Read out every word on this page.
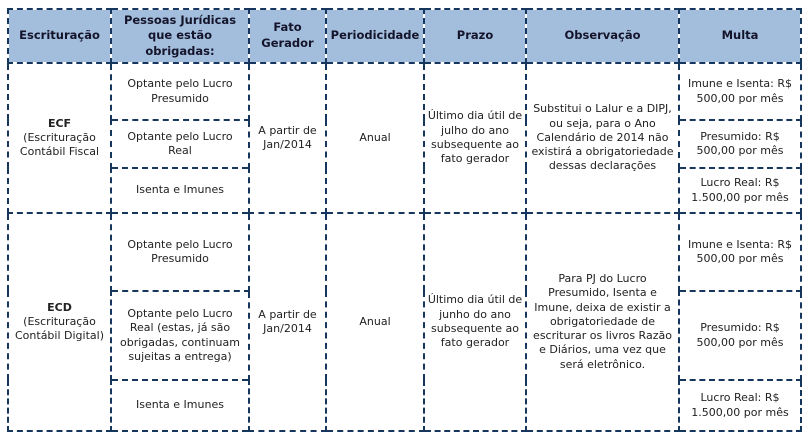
Escrituração	Pessoas Jurídicas que estão obrigadas:	Fato Gerador	Periodicidade	Prazo	Observação	Multa
ECF (Escrituração Contábil Fiscal	Optante pelo Lucro Presumido	A partir de Jan/2014	Anual	Último dia útil de julho do ano subsequente ao fato gerador	Substitui o Lalur e a DIPJ, ou seja, para o Ano Calendário de 2014 não existirá a obrigatoriedade dessas declarações	Imune e Isenta: R$ 500,00 por mês
	Optante pelo Lucro Real					Presumido: R$ 500,00 por mês
	Isenta e Imunes					Lucro Real: R$ 1.500,00 por mês
ECD (Escrituração Contábil Digital)	Optante pelo Lucro Presumido	A partir de Jan/2014	Anual	Último dia útil de junho do ano subsequente ao fato gerador	Para PJ do Lucro Presumido, Isenta e Imune, deixa de existir a obrigatoriedade de escriturar os livros Razão e Diários, uma vez que será eletrônico.	Imune e Isenta: R$ 500,00 por mês
	Optante pelo Lucro Real (estas, já são obrigadas, continuam sujeitas a entrega)					Presumido: R$ 500,00 por mês
	Isenta e Imunes					Lucro Real: R$ 1.500,00 por mês
